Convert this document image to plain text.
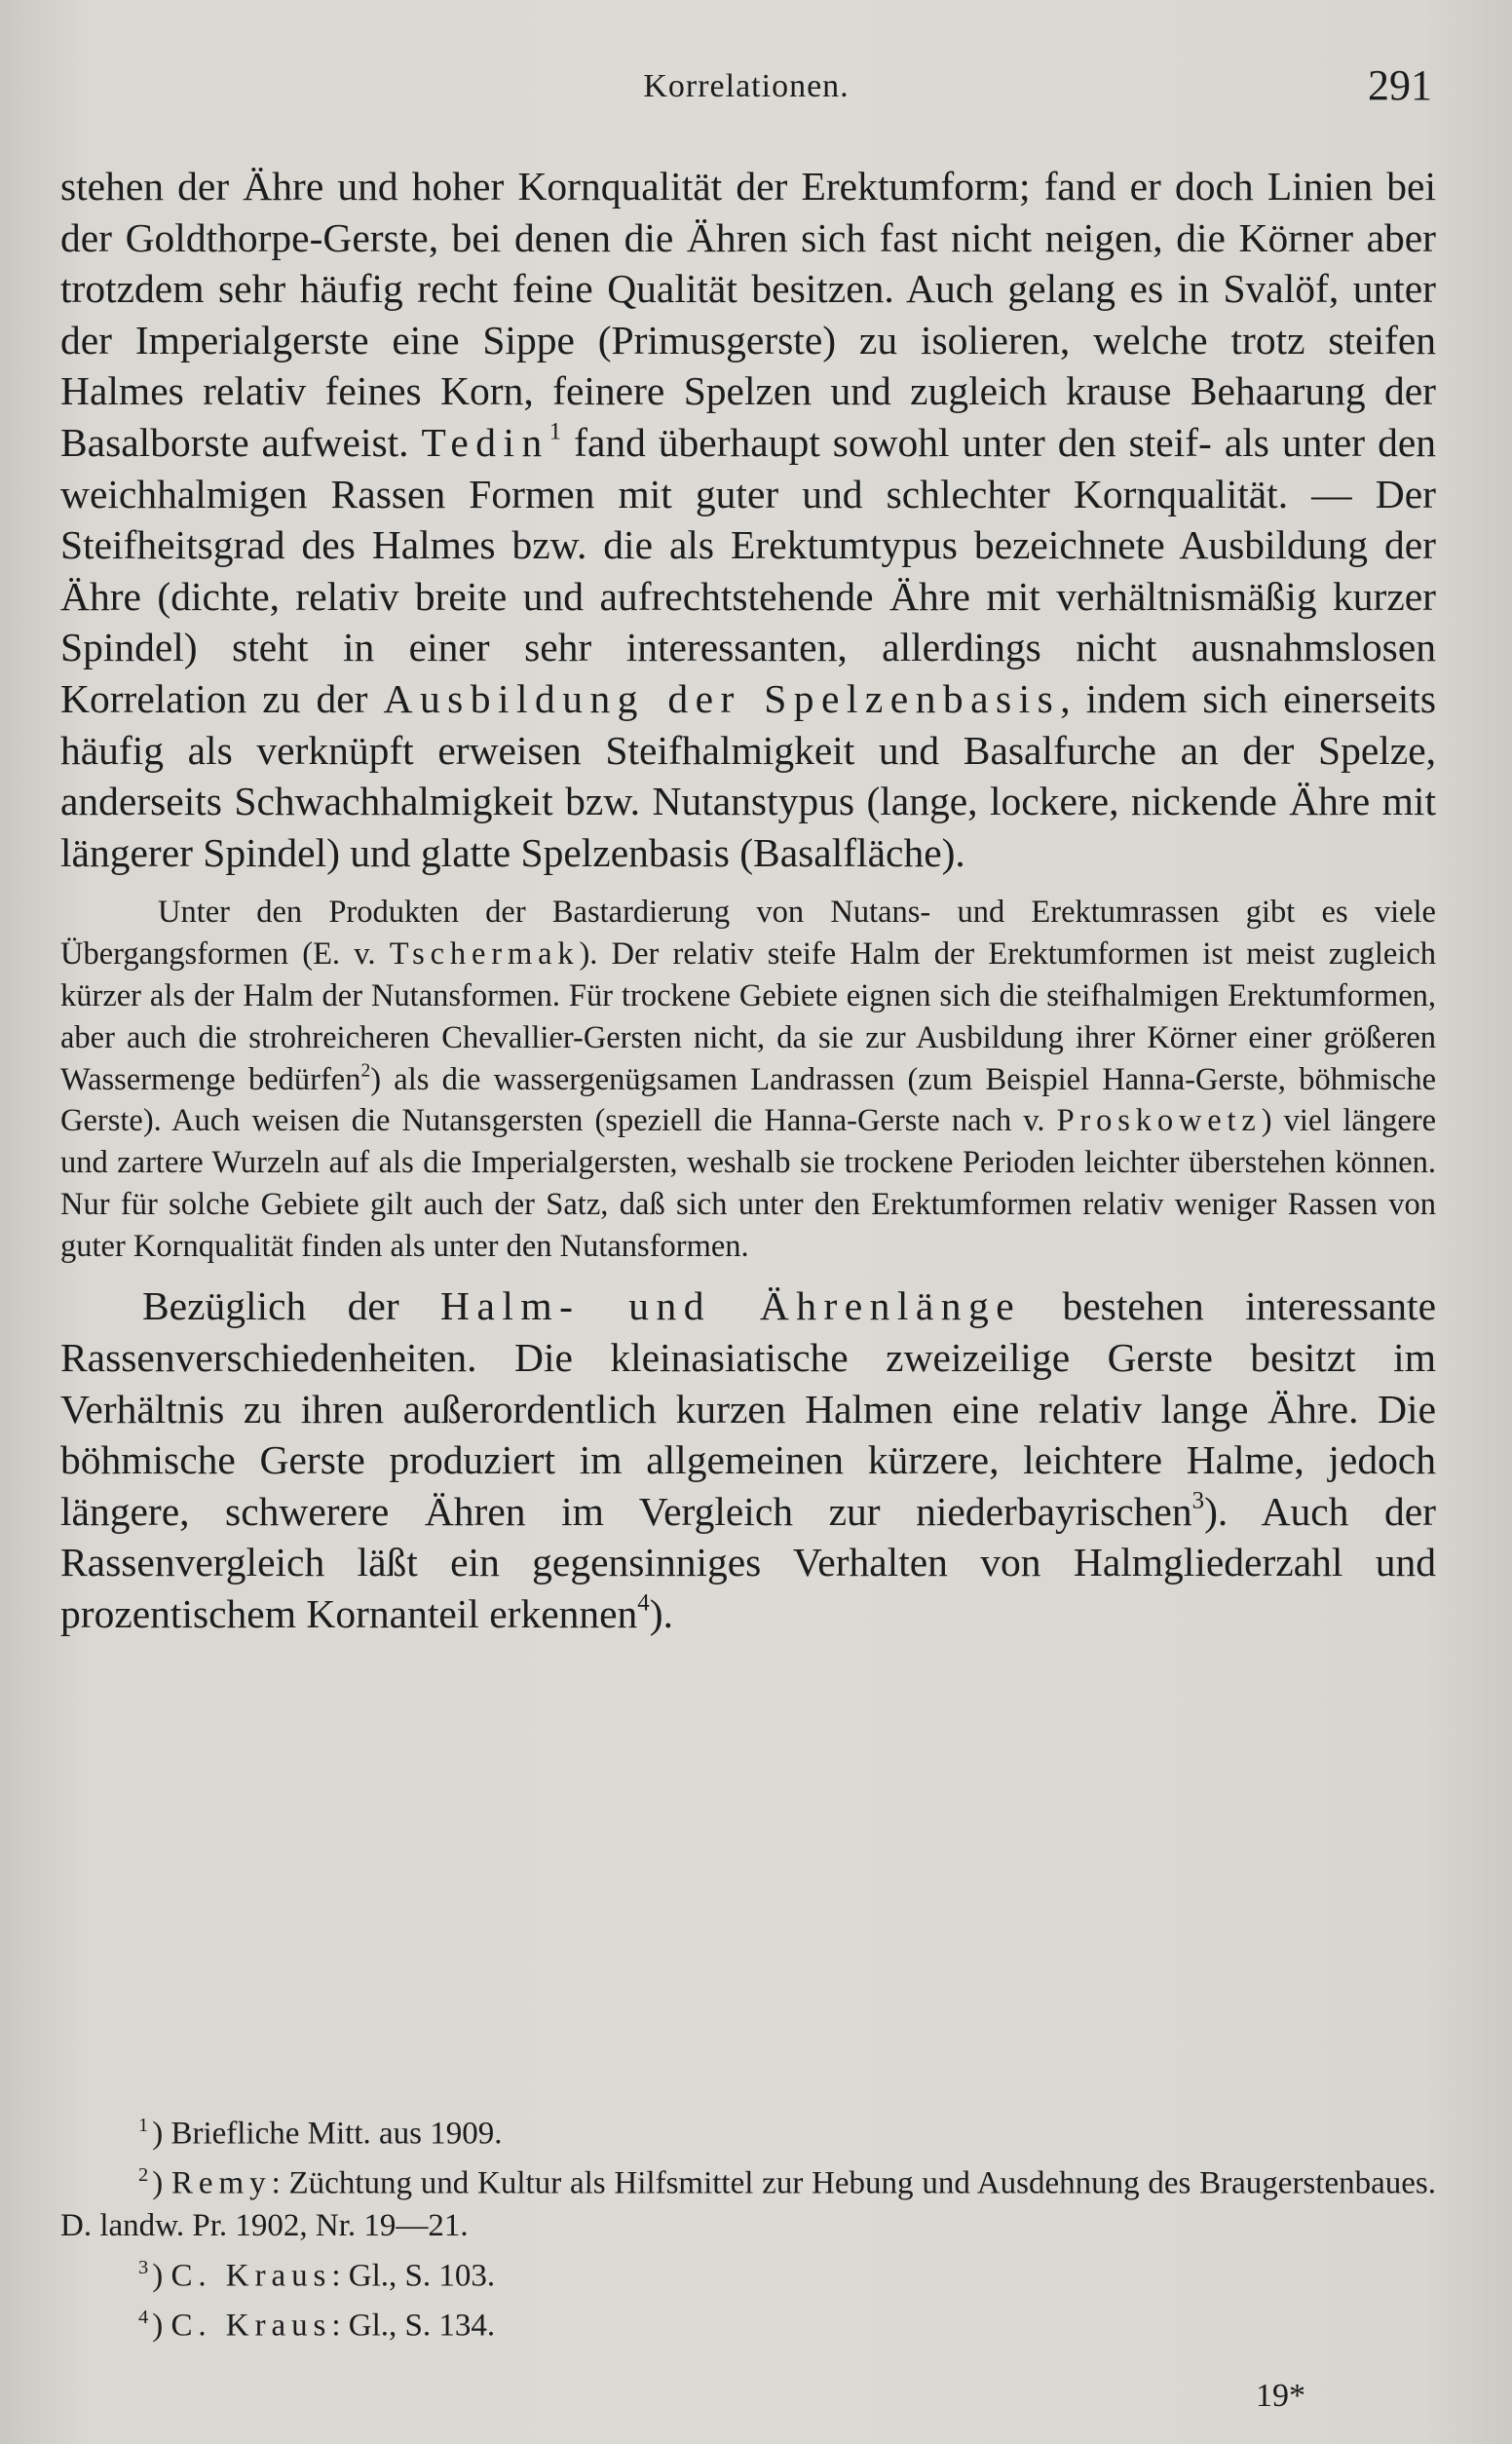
Korrelationen.	291

stehen der Ähre und hoher Kornqualität der Erektumform; fand er doch Linien bei der Goldthorpe-Gerste, bei denen die Ähren sich fast nicht neigen, die Körner aber trotzdem sehr häufig recht feine Qualität besitzen. Auch gelang es in Svalöf, unter der Imperialgerste eine Sippe (Primusgerste) zu isolieren, welche trotz steifen Halmes relativ feines Korn, feinere Spelzen und zugleich krause Behaarung der Basalborste aufweist. Tedin$^1$ fand überhaupt sowohl unter den steif- als unter den weichhalmigen Rassen Formen mit guter und schlechter Kornqualität. — Der Steifheitsgrad des Halmes bzw. die als Erektumtypus bezeichnete Ausbildung der Ähre (dichte, relativ breite und aufrechtstehende Ähre mit verhältnismäßig kurzer Spindel) steht in einer sehr interessanten, allerdings nicht ausnahmslosen Korrelation zu der Ausbildung der Spelzenbasis, indem sich einerseits häufig als verknüpft erweisen Steifhalmigkeit und Basalfurche an der Spelze, anderseits Schwachhalmigkeit bzw. Nutanstypus (lange, lockere, nickende Ähre mit längerer Spindel) und glatte Spelzenbasis (Basalfläche).

Unter den Produkten der Bastardierung von Nutans- und Erektumrassen gibt es viele Übergangsformen (E. v. Tschermak). Der relativ steife Halm der Erektumformen ist meist zugleich kürzer als der Halm der Nutansformen. Für trockene Gebiete eignen sich die steifhalmigen Erektumformen, aber auch die strohreicheren Chevallier-Gersten nicht, da sie zur Ausbildung ihrer Körner einer größeren Wassermenge bedürfen$^2$) als die wassergenügsamen Landrassen (zum Beispiel Hanna-Gerste, böhmische Gerste). Auch weisen die Nutansgersten (speziell die Hanna-Gerste nach v. Proskowetz) viel längere und zartere Wurzeln auf als die Imperialgersten, weshalb sie trockene Perioden leichter überstehen können. Nur für solche Gebiete gilt auch der Satz, daß sich unter den Erektumformen relativ weniger Rassen von guter Kornqualität finden als unter den Nutansformen.

Bezüglich der Halm- und Ährenlänge bestehen interessante Rassenverschiedenheiten. Die kleinasiatische zweizeilige Gerste besitzt im Verhältnis zu ihren außerordentlich kurzen Halmen eine relativ lange Ähre. Die böhmische Gerste produziert im allgemeinen kürzere, leichtere Halme, jedoch längere, schwerere Ähren im Vergleich zur niederbayrischen$^3$). Auch der Rassenvergleich läßt ein gegensinniges Verhalten von Halmgliederzahl und prozentischem Kornanteil erkennen$^4$).

$^1$ ) Briefliche Mitt. aus 1909.

$^2$ ) Remy: Züchtung und Kultur als Hilfsmittel zur Hebung und Ausdehnung des Braugerstenbaues. D. landw. Pr. 1902, Nr. 19—21.

$^3$ ) C. Kraus: Gl., S. 103.

$^4$ ) C. Kraus: Gl., S. 134.

19*
